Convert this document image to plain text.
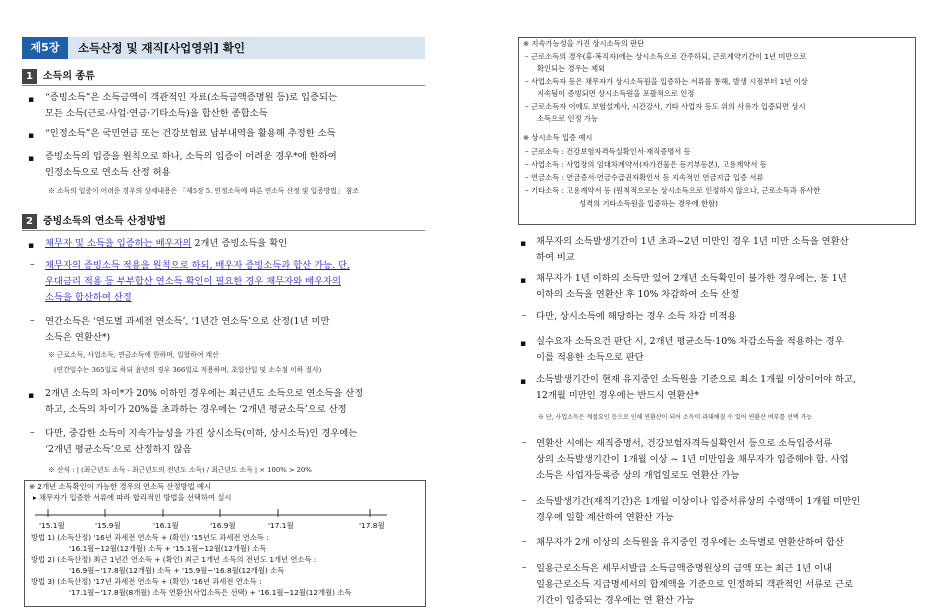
제5장	소득산정 및 재직[사업영위] 확인
1 소득의 종류
▪ “증빙소득”은 소득금액이 객관적인 자료(소득금액증명원 등)로 입증되는
모든 소득(근로·사업·연금·기타소득)을 합산한 종합소득
▪ “인정소득”은 국민연금 또는 건강보험료 납부내역을 활용해 추정한 소득
▪ 증빙소득의 입증을 원칙으로 하나, 소득의 입증이 어려운 경우*에 한하여
인정소득으로 연소득 산정 허용
※ 소득의 입증이 어려운 경우의 상세내용은 「제5장 5. 인정소득에 따른 연소득 산정 및 입증방법」 참조
2 증빙소득의 연소득 산정방법
▪ 채무자 및 소득을 입증하는 배우자의 2개년 증빙소득을 확인
– 채무자의 증빙소득 적용을 원칙으로 하되, 배우자 증빙소득과 합산 가능. 단,
우대금리 적용 등 부부합산 연소득 확인이 필요한 경우 채무자와 배우자의
소득을 합산하여 산정
– 연간소득은 ‘연도별 과세전 연소득’, ‘1년간 연소득’으로 산정(1년 미만
소득은 연환산*)
※ 근로소득, 사업소득, 연금소득에 한하며, 일할하여 계산
(연간일수는 365일로 하되 윤년의 경우 366일로 적용하며, 초일산입 및 소수점 이하 절사)
▪ 2개년 소득의 차이*가 20% 이하인 경우에는 최근년도 소득으로 연소득을 산정
하고, 소득의 차이가 20%를 초과하는 경우에는 ‘2개년 평균소득’으로 산정
– 다만, 중감한 소득이 지속가능성을 가진 상시소득(이하, 상시소득)인 경우에는
‘2개년 평균소득’으로 산정하지 않음
※ 산식 : | (최근년도 소득 - 최근년도의 전년도 소득) / 최근년도 소득 | × 100% > 20%
※ 2개년 소득확인이 가능한 경우의 연소득 산정방법 예시
▸ 채무자가 입증한 서류에 따라 합리적인 방법을 선택하여 실시
'15.1월	'15.9월	'16.1월	'16.9월	'17.1월	'17.8월
방법 1) (소득산정) '16년 과세전 연소득 + (확인) '15년도 과세전 연소득 :
'16.1월~12월(12개월) 소득 + '15.1월~12월(12개월) 소득
방법 2) (소득산정) 최근 1년간 연소득 + (확인) 최근 1개년 소득의 전년도 1개년 연소득 :
'16.9월~'17.8월(12개월) 소득 + '15.9월~'16.8월(12개월) 소득
방법 3) (소득산정) '17년 과세전 연소득 + (확인) '16년 과세전 연소득 :
'17.1월~'17.8월(8개월) 소득 연환산(사업소득은 선택) + '16.1월~12월(12개월) 소득
※ 지속가능성을 가진 상시소득의 판단
– 근로소득의 경우(휴·복직자)에는 상시소득으로 간주하되, 근로계약기간이 1년 미만으로
확인되는 경우는 제외
– 사업소득자 등은 채무자가 상시소득원을 입증하는 서류를 통해, 발생 시점부터 1년 이상
지속됨이 증빙되면 상시소득원을 포괄적으로 인정
– 근로소득자 이에도 보험설계사, 시간강사, 기타 사업자 등도 위의 사유가 입증되면 상시
소득으로 인정 가능
※ 상시소득 입증 예시
– 근로소득 : 건강보험자격득실확인서·재직증명서 등
– 사업소득 : 사업장의 임대차계약서(자가건물은 등기부등본), 고용계약서 등
– 연금소득 : 연금증서·연금수급권자확인서 등 지속적인 연금지급 입증 서류
– 기타소득 : 고용계약서 등 (원칙적으로는 상시소득으로 인정하지 않으나, 근로소득과 유사한
성격의 기타소득원을 입증하는 경우에 한함)
▪ 채무자의 소득발생기간이 1년 초과~2년 미만인 경우 1년 미만 소득을 연환산
하여 비교
▪ 채무자가 1년 이하의 소득만 있어 2개년 소득확인이 불가한 경우에는, 동 1년
이하의 소득을 연환산 후 10% 차감하여 소득 산정
– 다만, 상시소득에 해당하는 경우 소득 차감 미적용
▪ 실수요자 소득요건 판단 시, 2개년 평균소득·10% 차감소득을 적용하는 경우
이를 적용한 소득으로 판단
▪ 소득발생기간이 현재 유지중인 소득원을 기준으로 최소 1개월 이상이어야 하고,
12개월 미만인 경우에는 반드시 연환산*
※ 단, 사업소득은 계절요인 등으로 인해 연환산이 되어 소득이 과대해질 수 있어 연환산 여부를 선택 가능
– 연환산 시에는 재직증명서, 건강보험자격득실확인서 등으로 소득입증서류
상의 소득발생기간이 1개월 이상 ~ 1년 미만임을 채무자가 입증해야 함. 사업
소득은 사업자등록증 상의 개업일로도 연환산 가능
– 소득발생기간(재직기간)은 1개월 이상이나 입증서류상의 수령액이 1개월 미만인
경우에 일할 계산하여 연환산 가능
– 채무자가 2개 이상의 소득원을 유지중인 경우에는 소득별로 연환산하여 합산
– 일용근로소득은 세무서발급 소득금액증명원상의 금액 또는 최근 1년 이내
일용근로소득 지급명세서의 합계액을 기준으로 인정하되 객관적인 서류로 근로
기간이 입증되는 경우에는 연 환산 가능
